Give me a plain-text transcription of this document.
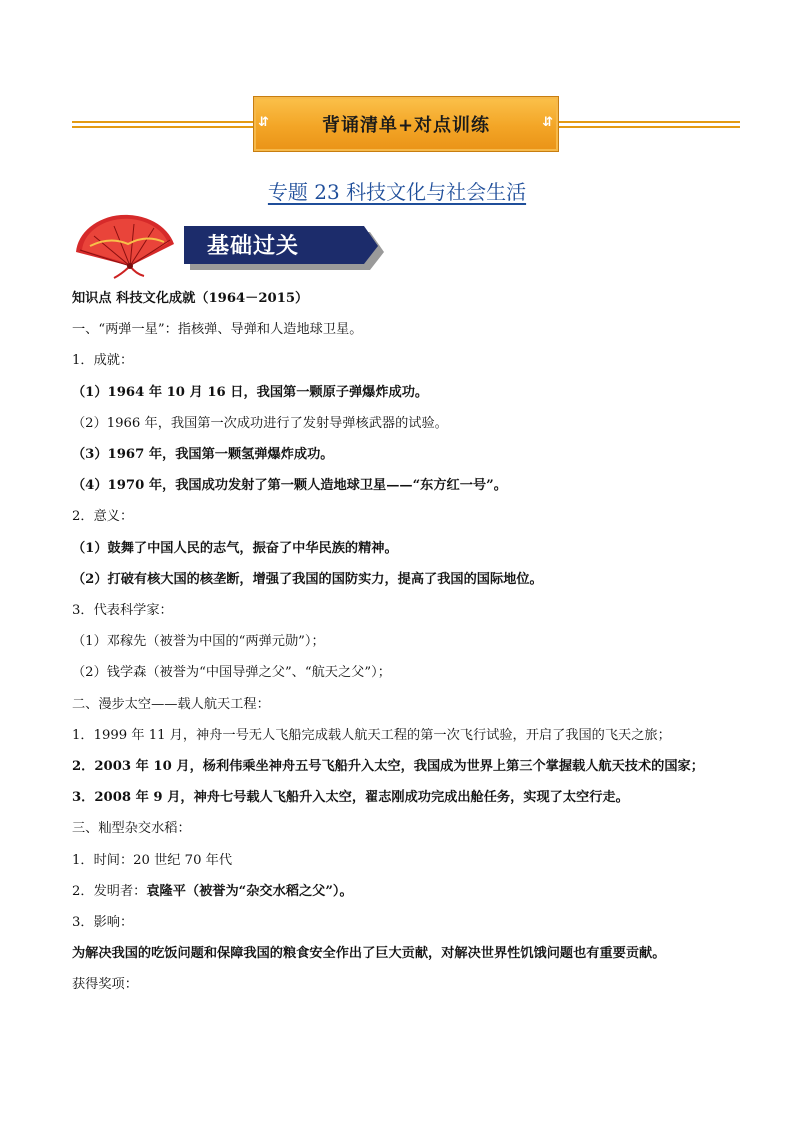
⇵	背诵清单+对点训练	⇵
专题 23 科技文化与社会生活
基础过关
知识点 科技文化成就（1964－2015）
一、“两弹一星”：指核弹、导弹和人造地球卫星。
1．成就：
（1）1964 年 10 月 16 日，我国第一颗原子弹爆炸成功。
（2）1966 年，我国第一次成功进行了发射导弹核武器的试验。
（3）1967 年，我国第一颗氢弹爆炸成功。
（4）1970 年，我国成功发射了第一颗人造地球卫星——“东方红一号”。
2．意义：
（1）鼓舞了中国人民的志气，振奋了中华民族的精神。
（2）打破有核大国的核垄断，增强了我国的国防实力，提高了我国的国际地位。
3．代表科学家：
（1）邓稼先（被誉为中国的“两弹元勋”）；
（2）钱学森（被誉为“中国导弹之父”、“航天之父”）；
二、漫步太空——载人航天工程：
1．1999 年 11 月，神舟一号无人飞船完成载人航天工程的第一次飞行试验，开启了我国的飞天之旅；
2．2003 年 10 月，杨利伟乘坐神舟五号飞船升入太空，我国成为世界上第三个掌握载人航天技术的国家；
3．2008 年 9 月，神舟七号载人飞船升入太空，翟志刚成功完成出舱任务，实现了太空行走。
三、籼型杂交水稻：
1．时间：20 世纪 70 年代
2．发明者：袁隆平（被誉为“杂交水稻之父”）。
3．影响：
为解决我国的吃饭问题和保障我国的粮食安全作出了巨大贡献，对解决世界性饥饿问题也有重要贡献。
获得奖项：
